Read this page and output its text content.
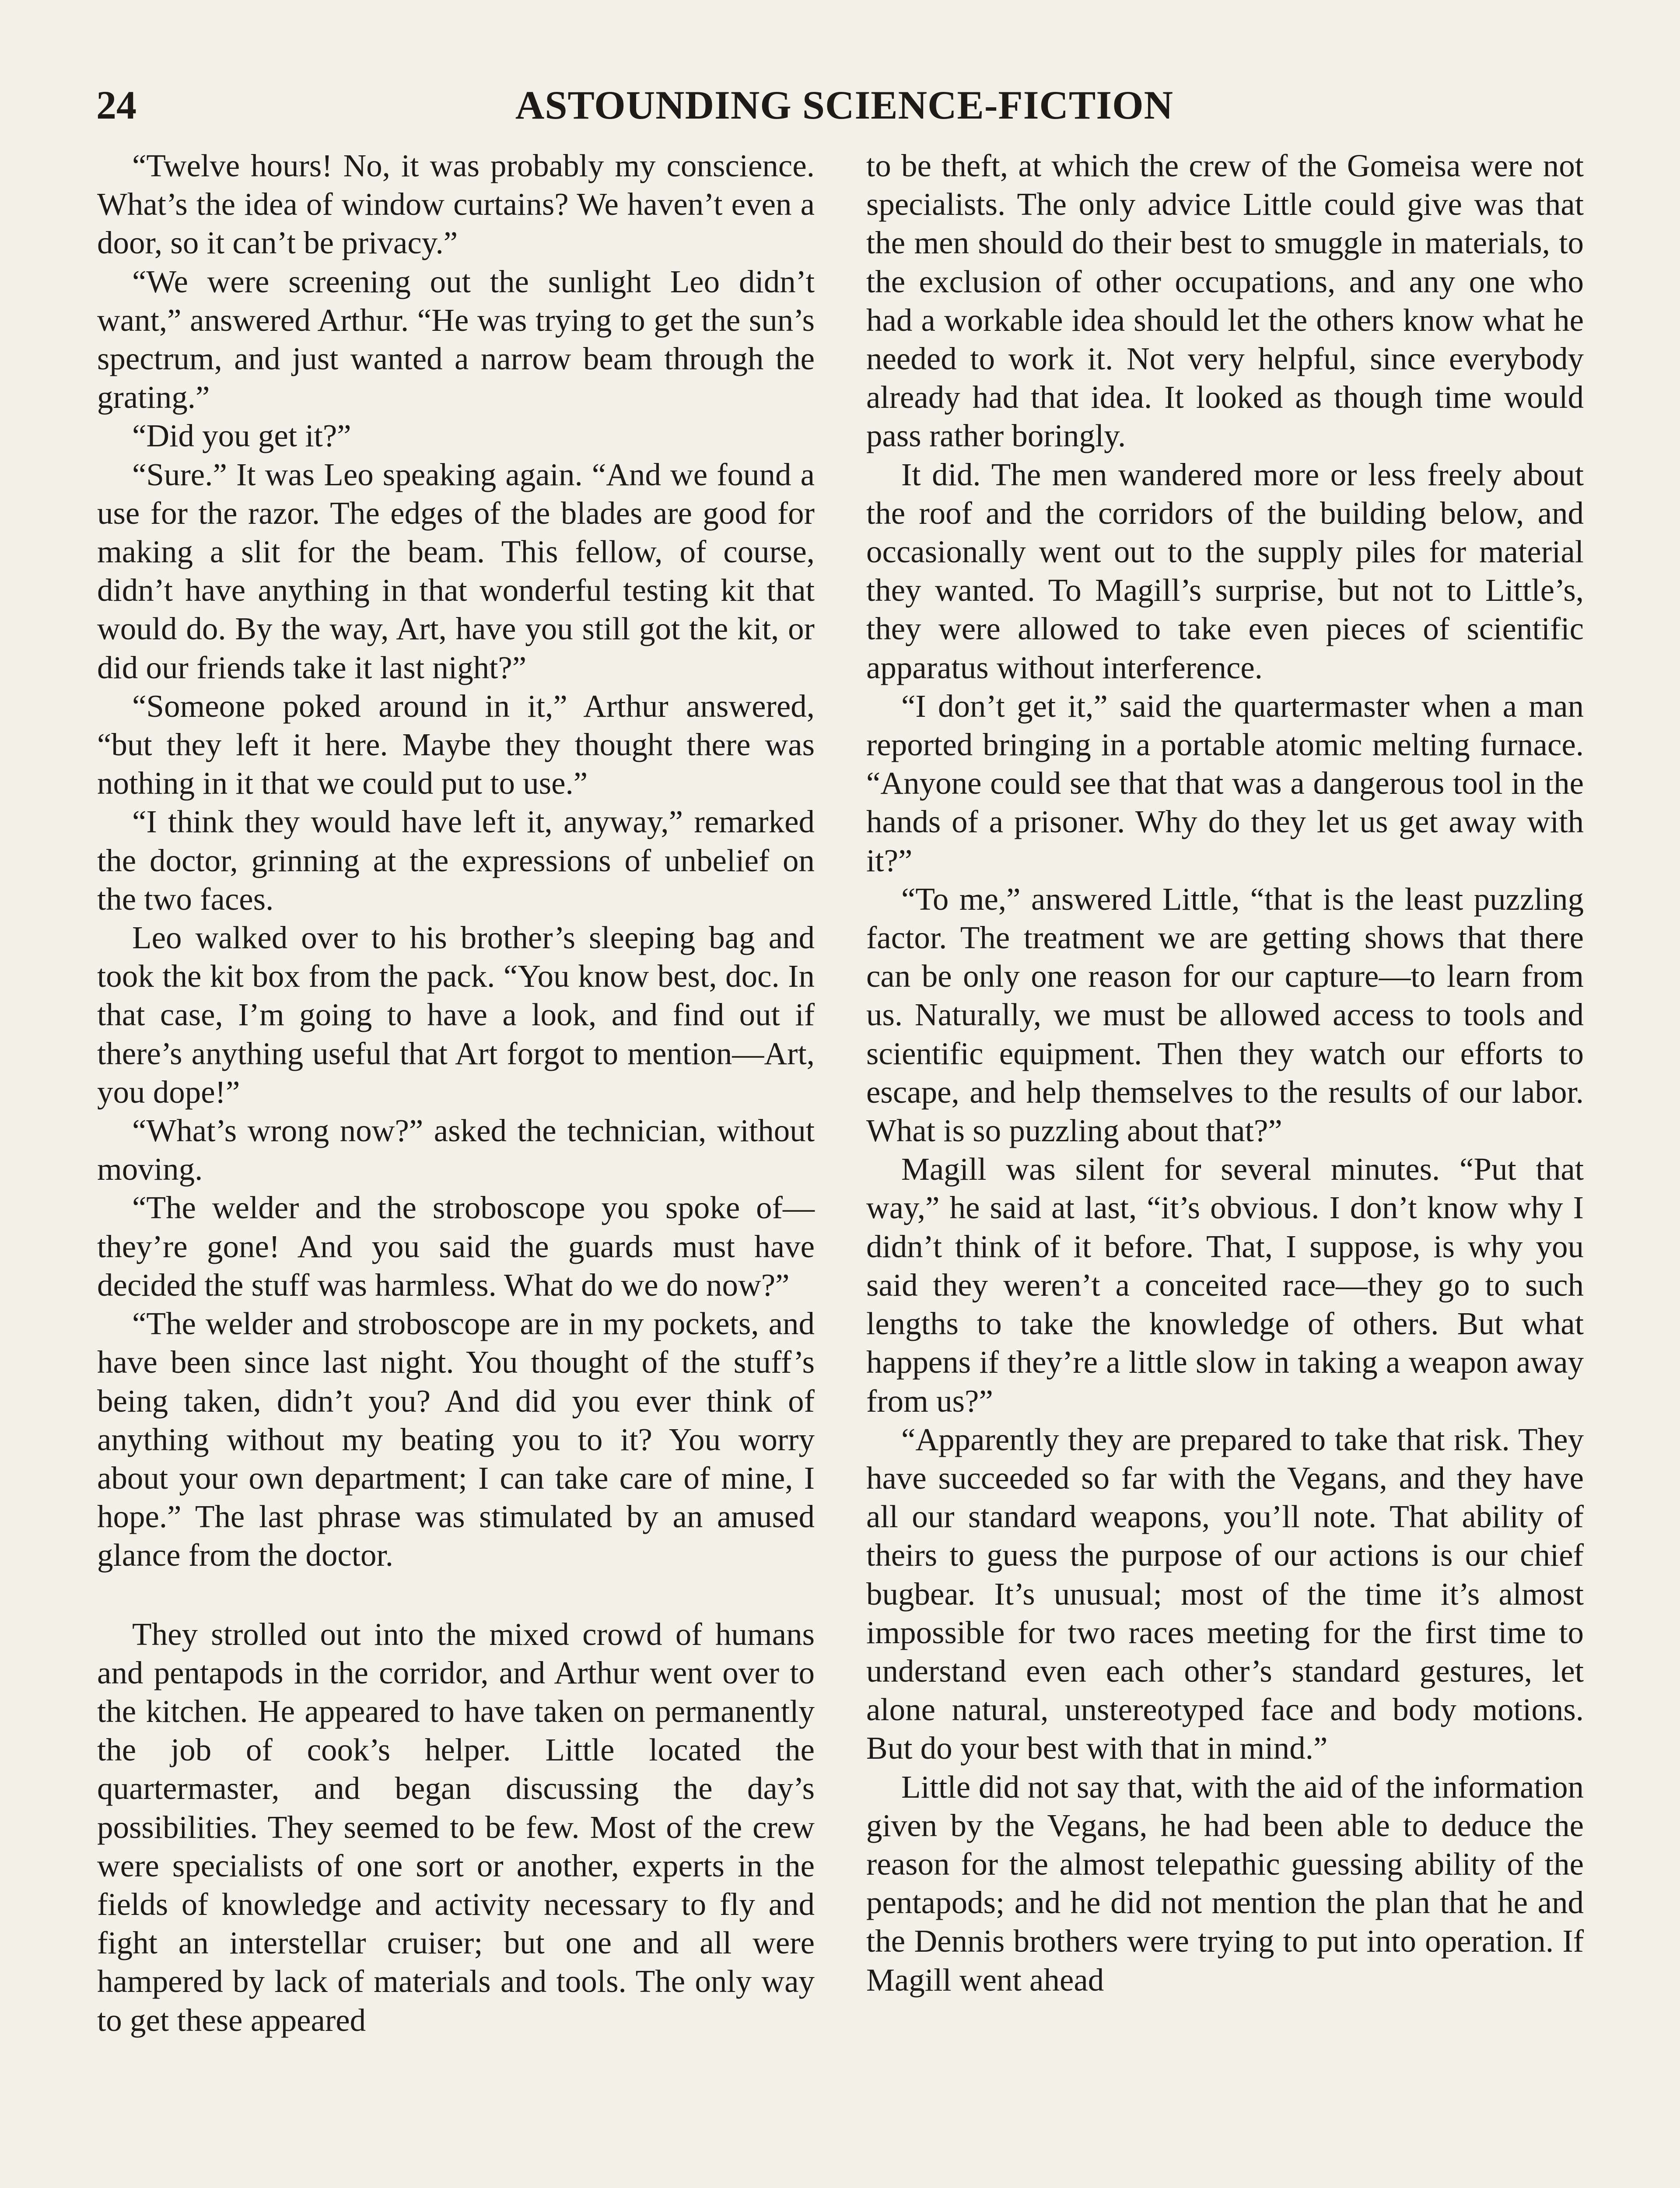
24	ASTOUNDING SCIENCE-FICTION

“Twelve hours! No, it was probably my conscience. What’s the idea of window curtains? We haven’t even a door, so it can’t be privacy.”

“We were screening out the sunlight Leo didn’t want,” answered Arthur. “He was trying to get the sun’s spectrum, and just wanted a narrow beam through the grating.”

“Did you get it?”

“Sure.” It was Leo speaking again. “And we found a use for the razor. The edges of the blades are good for making a slit for the beam. This fellow, of course, didn’t have anything in that wonderful testing kit that would do. By the way, Art, have you still got the kit, or did our friends take it last night?”

“Someone poked around in it,” Arthur answered, “but they left it here. Maybe they thought there was nothing in it that we could put to use.”

“I think they would have left it, anyway,” remarked the doctor, grinning at the expressions of unbelief on the two faces.

Leo walked over to his brother’s sleeping bag and took the kit box from the pack. “You know best, doc. In that case, I’m going to have a look, and find out if there’s anything useful that Art forgot to mention—Art, you dope!”

“What’s wrong now?” asked the technician, without moving.

“The welder and the stroboscope you spoke of—they’re gone! And you said the guards must have decided the stuff was harmless. What do we do now?”

“The welder and stroboscope are in my pockets, and have been since last night. You thought of the stuff’s being taken, didn’t you? And did you ever think of anything without my beating you to it? You worry about your own department; I can take care of mine, I hope.” The last phrase was stimulated by an amused glance from the doctor.

They strolled out into the mixed crowd of humans and pentapods in the corridor, and Arthur went over to the kitchen. He appeared to have taken on permanently the job of cook’s helper. Little located the quartermaster, and began discussing the day’s possibilities. They seemed to be few. Most of the crew were specialists of one sort or another, experts in the fields of knowledge and activity necessary to fly and fight an interstellar cruiser; but one and all were hampered by lack of materials and tools. The only way to get these appeared

to be theft, at which the crew of the Gomeisa were not specialists. The only advice Little could give was that the men should do their best to smuggle in materials, to the exclusion of other occupations, and any one who had a workable idea should let the others know what he needed to work it. Not very helpful, since everybody already had that idea. It looked as though time would pass rather boringly.

It did. The men wandered more or less freely about the roof and the corridors of the building below, and occasionally went out to the supply piles for material they wanted. To Magill’s surprise, but not to Little’s, they were allowed to take even pieces of scientific apparatus without interference.

“I don’t get it,” said the quartermaster when a man reported bringing in a portable atomic melting furnace. “Anyone could see that that was a dangerous tool in the hands of a prisoner. Why do they let us get away with it?”

“To me,” answered Little, “that is the least puzzling factor. The treatment we are getting shows that there can be only one reason for our capture—to learn from us. Naturally, we must be allowed access to tools and scientific equipment. Then they watch our efforts to escape, and help themselves to the results of our labor. What is so puzzling about that?”

Magill was silent for several minutes. “Put that way,” he said at last, “it’s obvious. I don’t know why I didn’t think of it before. That, I suppose, is why you said they weren’t a conceited race—they go to such lengths to take the knowledge of others. But what happens if they’re a little slow in taking a weapon away from us?”

“Apparently they are prepared to take that risk. They have succeeded so far with the Vegans, and they have all our standard weapons, you’ll note. That ability of theirs to guess the purpose of our actions is our chief bugbear. It’s unusual; most of the time it’s almost impossible for two races meeting for the first time to understand even each other’s standard gestures, let alone natural, unstereotyped face and body motions. But do your best with that in mind.”

Little did not say that, with the aid of the information given by the Vegans, he had been able to deduce the reason for the almost telepathic guessing ability of the pentapods; and he did not mention the plan that he and the Dennis brothers were trying to put into operation. If Magill went ahead
